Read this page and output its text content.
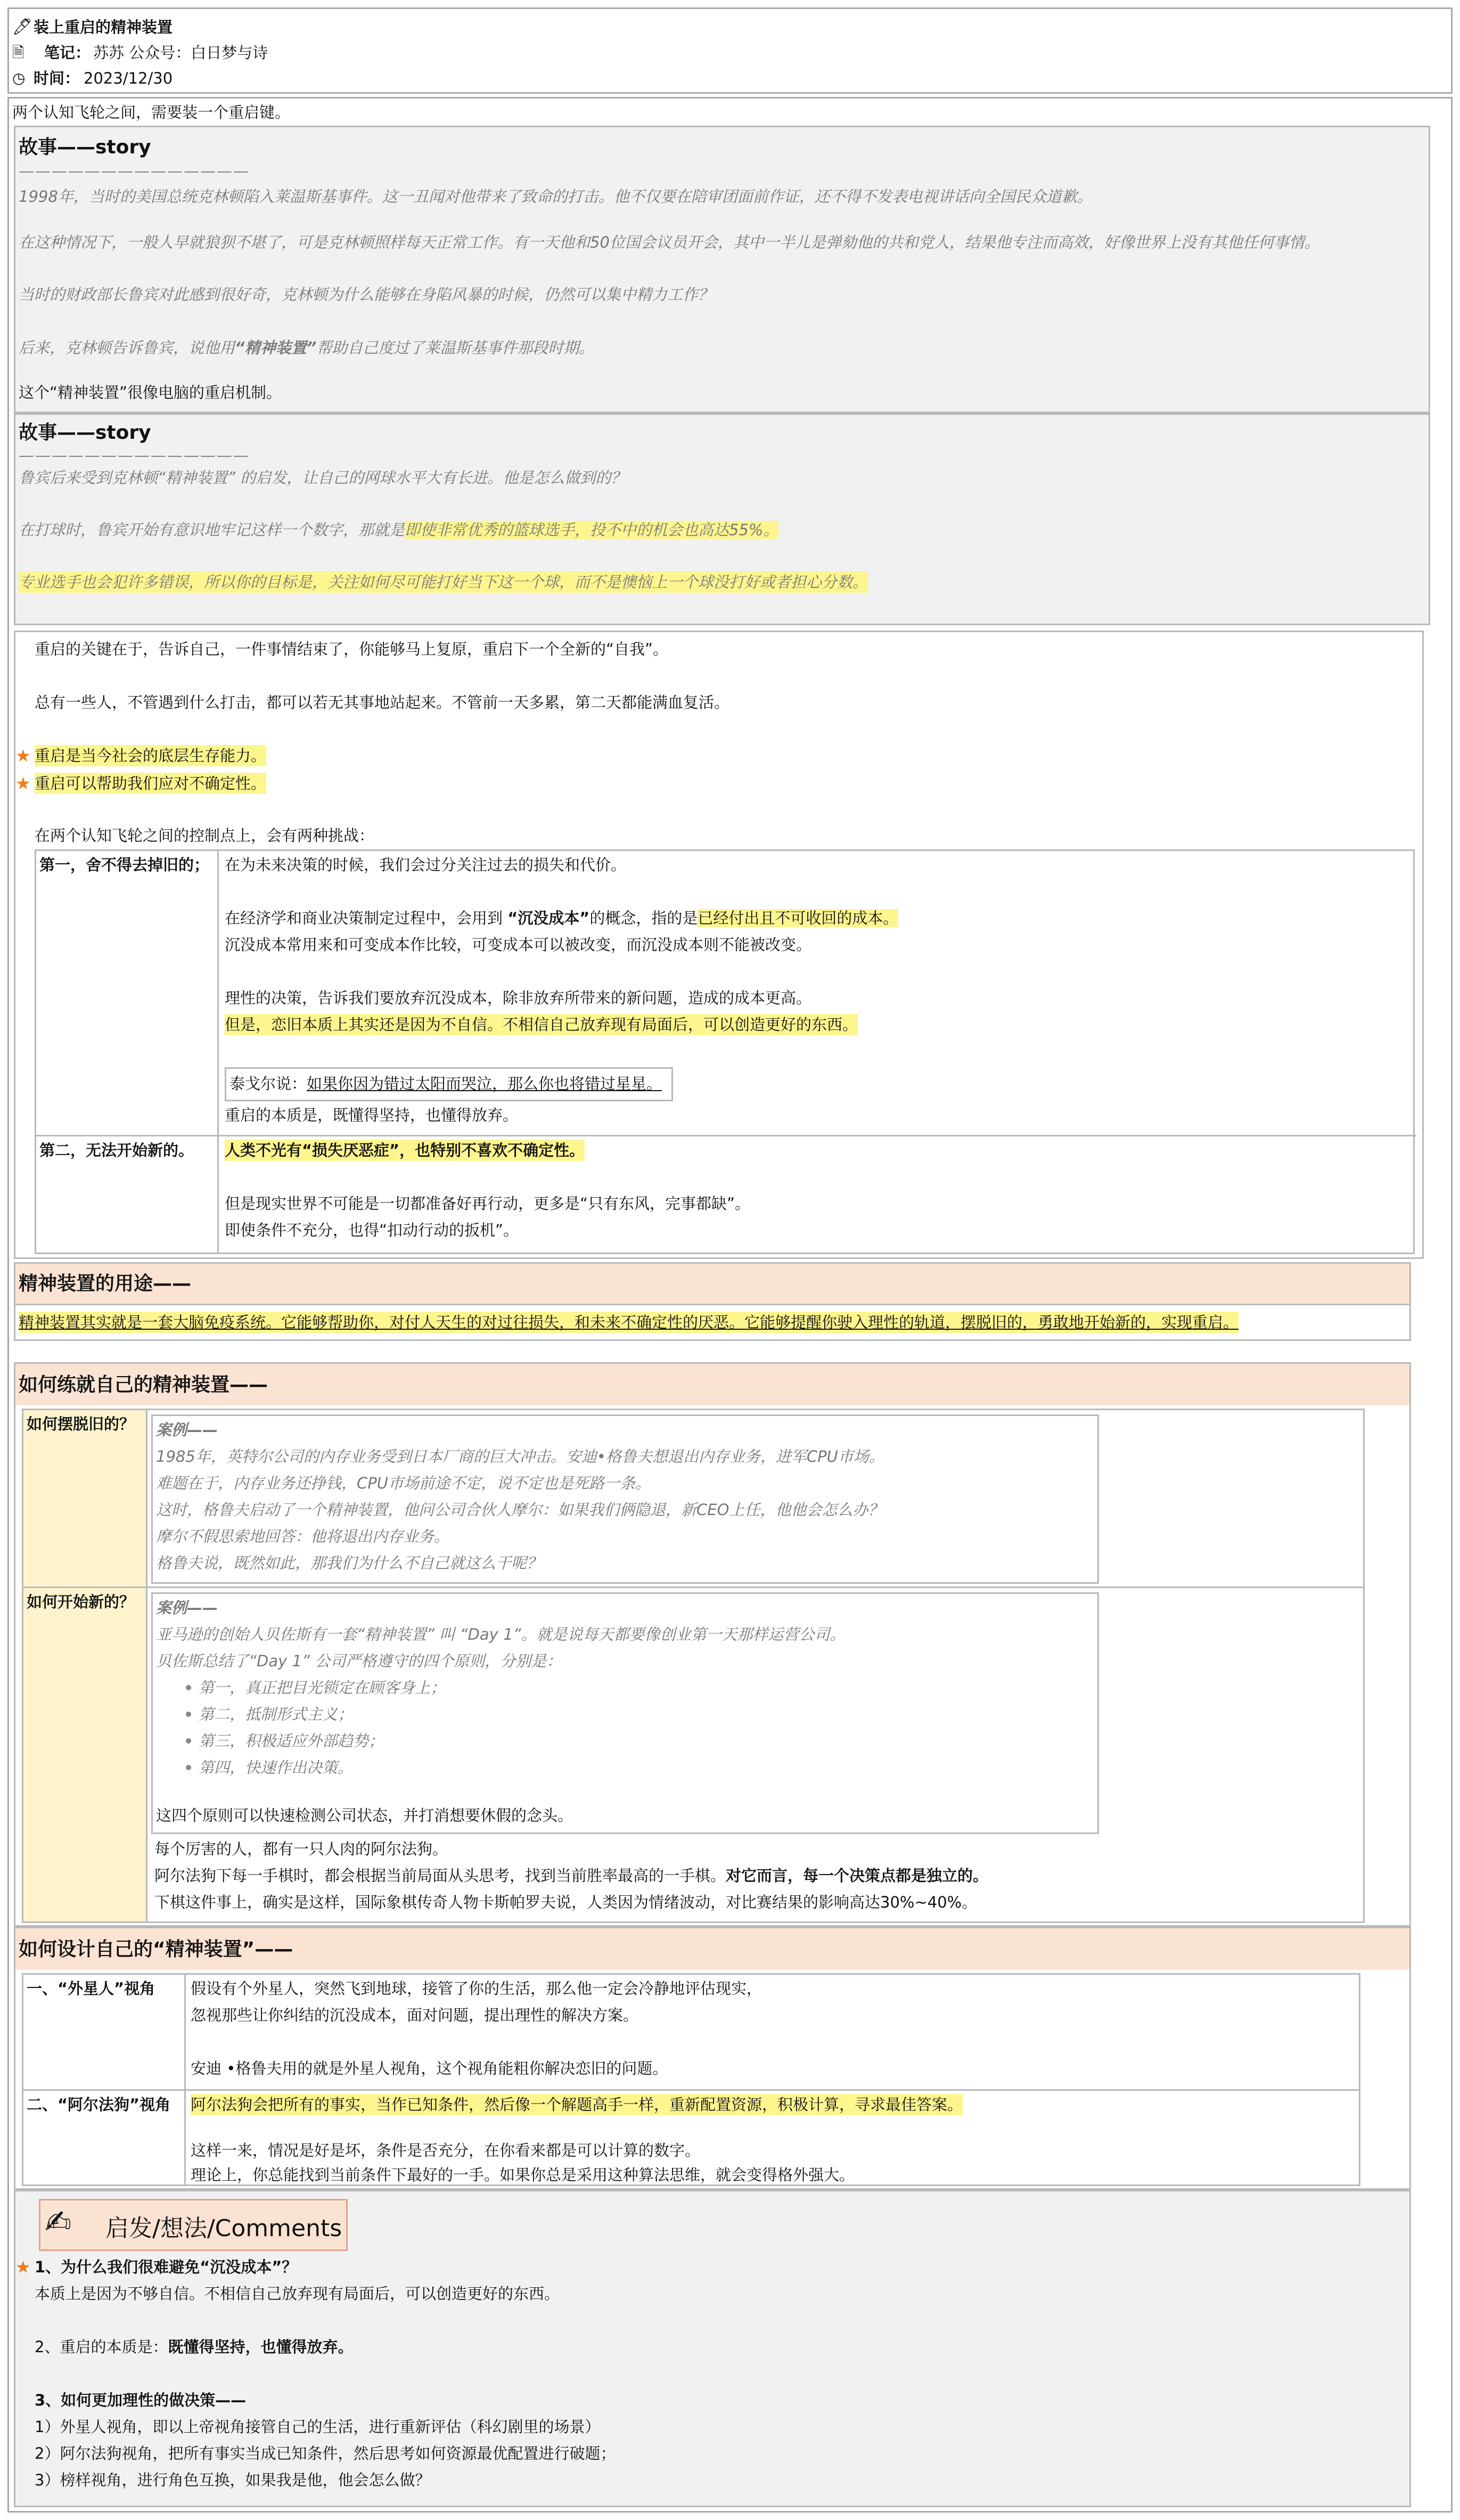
🖊 装上重启的精神装置
🗎 笔记： 苏苏 公众号：白日梦与诗
◷ 时间： 2023/12/30
两个认知飞轮之间，需要装一个重启键。
故事——story
——————————————
1998年，当时的美国总统克林顿陷入莱温斯基事件。这一丑闻对他带来了致命的打击。他不仅要在陪审团面前作证，还不得不发表电视讲话向全国民众道歉。
在这种情况下，一般人早就狼狈不堪了，可是克林顿照样每天正常工作。有一天他和50位国会议员开会，其中一半儿是弹劾他的共和党人，结果他专注而高效，好像世界上没有其他任何事情。
当时的财政部长鲁宾对此感到很好奇，克林顿为什么能够在身陷风暴的时候，仍然可以集中精力工作？
后来，克林顿告诉鲁宾，说他用“精神装置”帮助自己度过了莱温斯基事件那段时期。
这个“精神装置”很像电脑的重启机制。
故事——story
——————————————
鲁宾后来受到克林顿“精神装置” 的启发，让自己的网球水平大有长进。他是怎么做到的？
在打球时，鲁宾开始有意识地牢记这样一个数字，那就是即使非常优秀的篮球选手，投不中的机会也高达55%。
专业选手也会犯许多错误，所以你的目标是，关注如何尽可能打好当下这一个球，而不是懊恼上一个球没打好或者担心分数。
重启的关键在于，告诉自己，一件事情结束了，你能够马上复原，重启下一个全新的“自我”。
总有一些人，不管遇到什么打击，都可以若无其事地站起来。不管前一天多累，第二天都能满血复活。
★ 重启是当今社会的底层生存能力。
★ 重启可以帮助我们应对不确定性。
在两个认知飞轮之间的控制点上，会有两种挑战：
第一，舍不得去掉旧的； 在为未来决策的时候，我们会过分关注过去的损失和代价。
在经济学和商业决策制定过程中，会用到 “沉没成本”的概念，指的是已经付出且不可收回的成本。
沉没成本常用来和可变成本作比较，可变成本可以被改变，而沉没成本则不能被改变。
理性的决策，告诉我们要放弃沉没成本，除非放弃所带来的新问题，造成的成本更高。
但是，恋旧本质上其实还是因为不自信。不相信自己放弃现有局面后，可以创造更好的东西。
泰戈尔说：如果你因为错过太阳而哭泣，那么你也将错过星星。
重启的本质是，既懂得坚持，也懂得放弃。
第二，无法开始新的。 人类不光有“损失厌恶症”，也特别不喜欢不确定性。
但是现实世界不可能是一切都准备好再行动，更多是“只有东风，完事都缺”。
即使条件不充分，也得“扣动行动的扳机”。
精神装置的用途——
精神装置其实就是一套大脑免疫系统。它能够帮助你，对付人天生的对过往损失，和未来不确定性的厌恶。它能够提醒你驶入理性的轨道，摆脱旧的，勇敢地开始新的，实现重启。
如何练就自己的精神装置——
如何摆脱旧的？ 案例——
1985年，英特尔公司的内存业务受到日本厂商的巨大冲击。安迪•格鲁夫想退出内存业务，进军CPU市场。
难题在于，内存业务还挣钱，CPU市场前途不定，说不定也是死路一条。
这时，格鲁夫启动了一个精神装置，他问公司合伙人摩尔：如果我们俩隐退，新CEO上任，他他会怎么办？
摩尔不假思索地回答：他将退出内存业务。
格鲁夫说，既然如此，那我们为什么不自己就这么干呢？
如何开始新的？ 案例——
亚马逊的创始人贝佐斯有一套“精神装置” 叫 “Day 1”。就是说每天都要像创业第一天那样运营公司。
贝佐斯总结了“Day 1” 公司严格遵守的四个原则，分别是：
第一，真正把目光锁定在顾客身上；
第二，抵制形式主义；
第三，积极适应外部趋势；
第四，快速作出决策。
这四个原则可以快速检测公司状态，并打消想要休假的念头。
每个厉害的人，都有一只人肉的阿尔法狗。
阿尔法狗下每一手棋时，都会根据当前局面从头思考，找到当前胜率最高的一手棋。对它而言，每一个决策点都是独立的。
下棋这件事上，确实是这样，国际象棋传奇人物卡斯帕罗夫说，人类因为情绪波动，对比赛结果的影响高达30%~40%。
如何设计自己的“精神装置”——
一、“外星人”视角 假设有个外星人，突然飞到地球，接管了你的生活，那么他一定会冷静地评估现实，
忽视那些让你纠结的沉没成本，面对问题，提出理性的解决方案。
安迪 •格鲁夫用的就是外星人视角，这个视角能粗你解决恋旧的问题。
二、“阿尔法狗”视角 阿尔法狗会把所有的事实，当作已知条件，然后像一个解题高手一样，重新配置资源，积极计算，寻求最佳答案。
这样一来，情况是好是坏，条件是否充分，在你看来都是可以计算的数字。
理论上，你总能找到当前条件下最好的一手。如果你总是采用这种算法思维，就会变得格外强大。
✍ 启发/想法/Comments
★ 1、为什么我们很难避免“沉没成本”？
本质上是因为不够自信。不相信自己放弃现有局面后，可以创造更好的东西。
2、重启的本质是：既懂得坚持，也懂得放弃。
3、如何更加理性的做决策——
1）外星人视角，即以上帝视角接管自己的生活，进行重新评估（科幻剧里的场景）
2）阿尔法狗视角，把所有事实当成已知条件，然后思考如何资源最优配置进行破题；
3）榜样视角，进行角色互换，如果我是他，他会怎么做？
